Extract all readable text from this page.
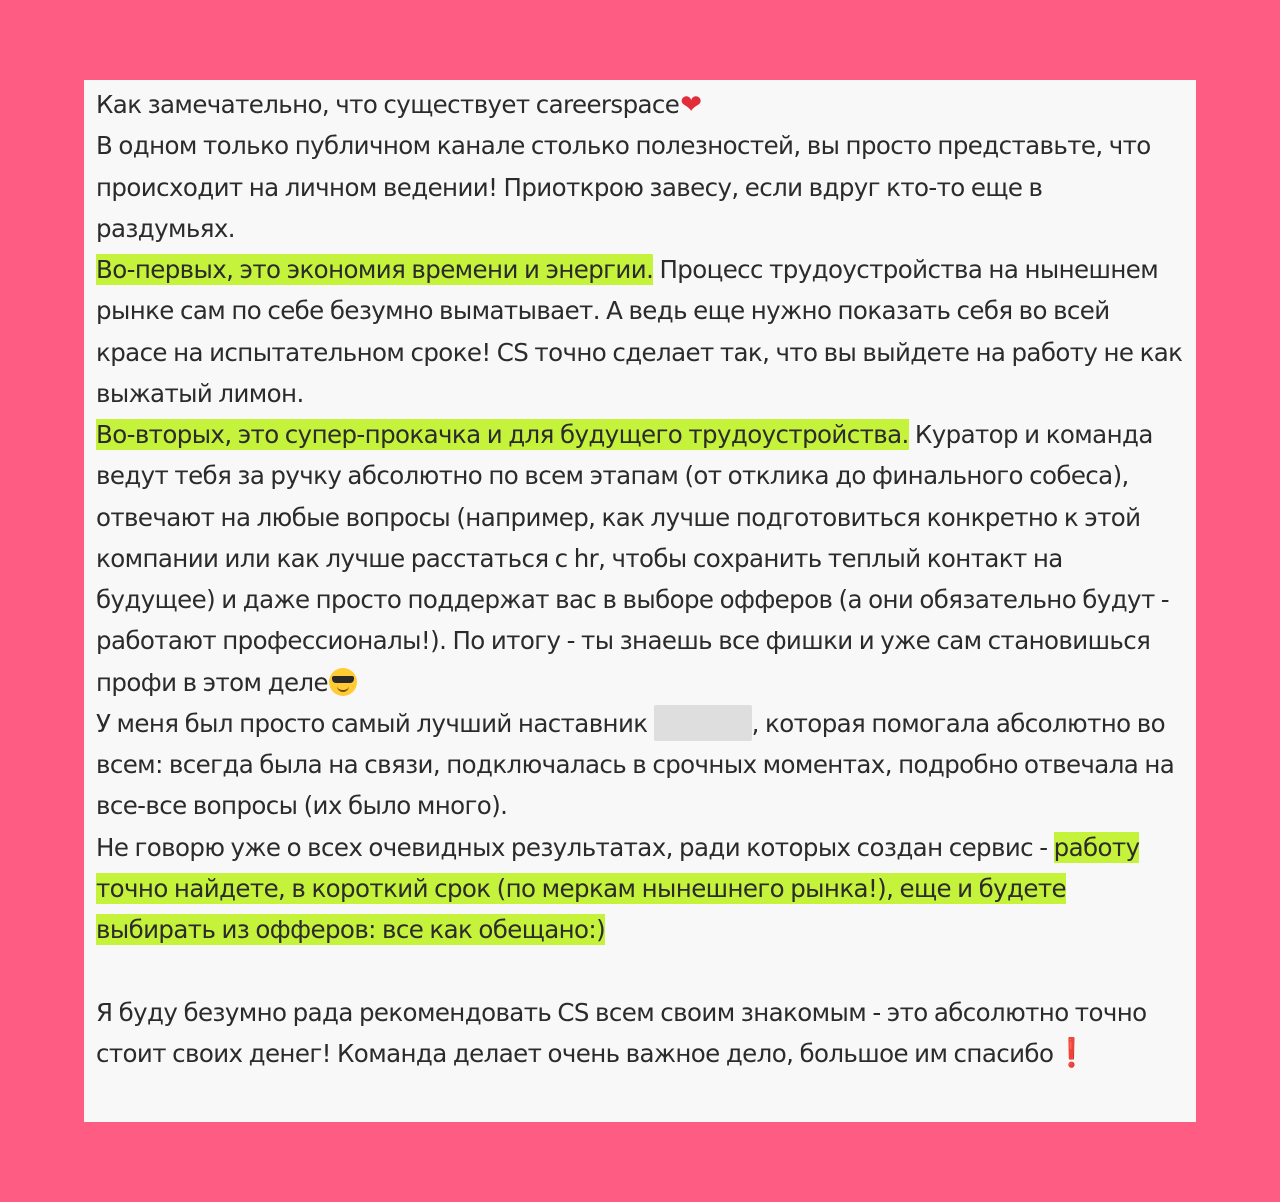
Как замечательно, что существует careerspace❤

В одном только публичном канале столько полезностей, вы просто представьте, что происходит на личном ведении! Приоткрою завесу, если вдруг кто-то еще в раздумьях.

Во-первых, это экономия времени и энергии. Процесс трудоустройства на нынешнем рынке сам по себе безумно выматывает. А ведь еще нужно показать себя во всей красе на испытательном сроке! CS точно сделает так, что вы выйдете на работу не как выжатый лимон.

Во-вторых, это супер-прокачка и для будущего трудоустройства. Куратор и команда ведут тебя за ручку абсолютно по всем этапам (от отклика до финального собеса), отвечают на любые вопросы (например, как лучше подготовиться конкретно к этой компании или как лучше расстаться с hr, чтобы сохранить теплый контакт на будущее) и даже просто поддержат вас в выборе офферов (а они обязательно будут - работают профессионалы!). По итогу - ты знаешь все фишки и уже сам становишься профи в этом деле

У меня был просто самый лучший наставник	, которая помогала абсолютно во всем: всегда была на связи, подключалась в срочных моментах, подробно отвечала на все-все вопросы (их было много).

Не говорю уже о всех очевидных результатах, ради которых создан сервис - работу точно найдете, в короткий срок (по меркам нынешнего рынка!), еще и будете выбирать из офферов: все как обещано:)

Я буду безумно рада рекомендовать CS всем своим знакомым - это абсолютно точно стоит своих денег! Команда делает очень важное дело, большое им спасибо❗
